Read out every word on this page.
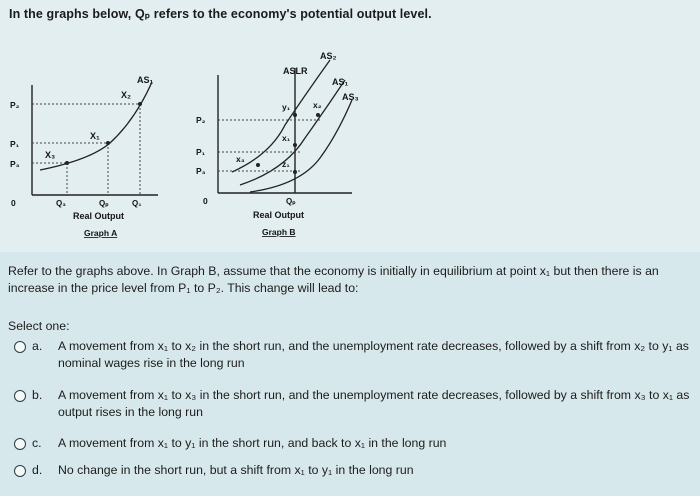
In the graphs below, Qₚ refers to the economy's potential output level.
AS₁
X₁
X₂
X₃
P₂
P₁
P₃
0	Q₃	Qₚ	Q₁
Real Output
Graph A
AS₂
ASLR
AS₁
AS₃
y₁	x₂
x₁
x₃	z₁
P₂
P₁
P₃
0	Qₚ
Real Output
Graph B
Refer to the graphs above. In Graph B, assume that the economy is initially in equilibrium at point x₁ but then there is an increase in the price level from P₁ to P₂. This change will lead to:
Select one:
a.	A movement from x₁ to x₂ in the short run, and the unemployment rate decreases, followed by a shift from x₂ to y₁ as nominal wages rise in the long run
b.	A movement from x₁ to x₃ in the short run, and the unemployment rate decreases, followed by a shift from x₃ to x₁ as output rises in the long run
c.	A movement from x₁ to y₁ in the short run, and back to x₁ in the long run
d.	No change in the short run, but a shift from x₁ to y₁ in the long run
